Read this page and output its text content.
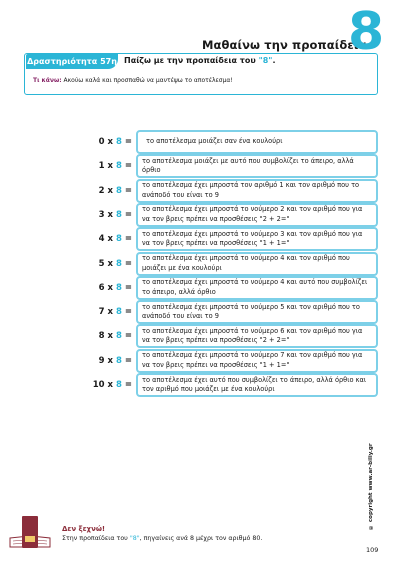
Μαθαίνω την προπαίδεια
8
Δραστηριότητα 57η Παίζω με την προπαίδεια του "8".
Τι κάνω: Ακούω καλά και προσπαθώ να μαντέψω το αποτέλεσμα!
0 x 8 = το αποτέλεσμα μοιάζει σαν ένα κουλούρι
1 x 8 =
το αποτέλεσμα μοιάζει με αυτό που συμβολίζει το άπειρο, αλλά όρθιο
2 x 8 =
το αποτέλεσμα έχει μπροστά τον αριθμό 1 και τον αριθμό που το ανάποδό του είναι το 9
3 x 8 =
το αποτέλεσμα έχει μπροστά το νούμερο 2 και τον αριθμό που για να τον βρεις πρέπει να προσθέσεις "2 + 2="
4 x 8 =
το αποτέλεσμα έχει μπροστά το νούμερο 3 και τον αριθμό που για να τον βρεις πρέπει να προσθέσεις "1 + 1="
5 x 8 =
το αποτέλεσμα έχει μπροστά το νούμερο 4 και τον αριθμό που μοιάζει με ένα κουλούρι
6 x 8 =
το αποτέλεσμα έχει μπροστά το νούμερο 4 και αυτό που συμβολίζει το άπειρο, αλλά όρθιο
7 x 8 =
το αποτέλεσμα έχει μπροστά το νούμερο 5 και τον αριθμό που το ανάποδό του είναι το 9
8 x 8 =
το αποτέλεσμα έχει μπροστά το νούμερο 6 και τον αριθμό που για να τον βρεις πρέπει να προσθέσεις "2 + 2="
9 x 8 =
το αποτέλεσμα έχει μπροστά το νούμερο 7 και τον αριθμό που για να τον βρεις πρέπει να προσθέσεις "1 + 1="
10 x 8 =
το αποτέλεσμα έχει αυτό που συμβολίζει το άπειρο, αλλά όρθιο και τον αριθμό που μοιάζει με ένα κουλούρι
Δεν ξεχνώ!
Στην προπαίδεια του "8", πηγαίνεις ανά 8 μέχρι τον αριθμό 80.
© copyright www.ar-biliy.gr
109
